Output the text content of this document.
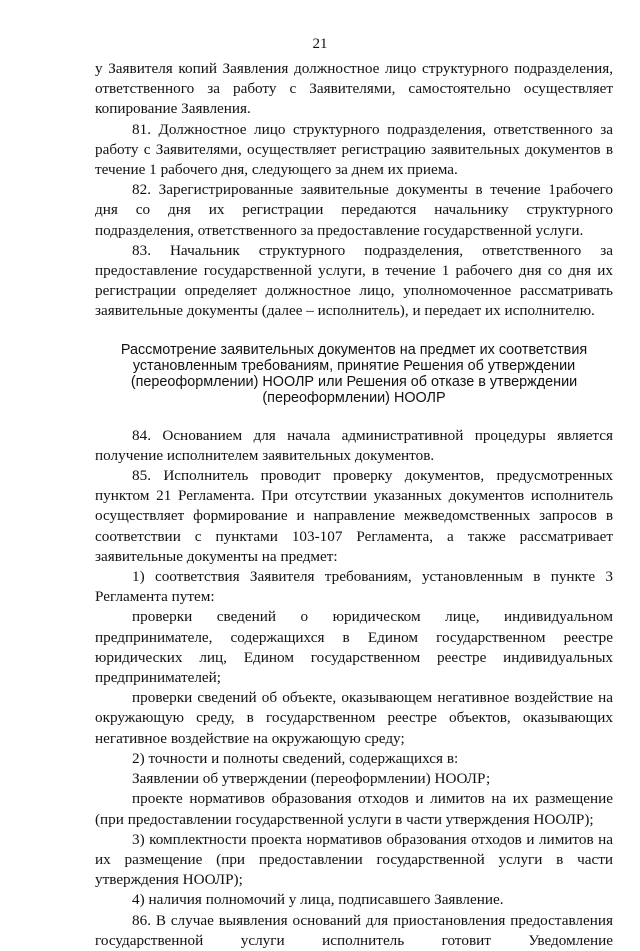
21

у Заявителя копий Заявления должностное лицо структурного подразделения, ответственного за работу с Заявителями, самостоятельно осуществляет копирование Заявления.

81. Должностное лицо структурного подразделения, ответственного за работу с Заявителями, осуществляет регистрацию заявительных документов в течение 1 рабочего дня, следующего за днем их приема.

82. Зарегистрированные заявительные документы в течение 1рабочего дня со дня их регистрации передаются начальнику структурного подразделения, ответственного за предоставление государственной услуги.

83. Начальник структурного подразделения, ответственного за предоставление государственной услуги, в течение 1 рабочего дня со дня их регистрации определяет должностное лицо, уполномоченное рассматривать заявительные документы (далее – исполнитель), и передает их исполнителю.

Рассмотрение заявительных документов на предмет их соответствия установленным требованиям, принятие Решения об утверждении (переоформлении) НООЛР или Решения об отказе в утверждении (переоформлении) НООЛР

84. Основанием для начала административной процедуры является получение исполнителем заявительных документов.

85. Исполнитель проводит проверку документов, предусмотренных пунктом 21 Регламента. При отсутствии указанных документов исполнитель осуществляет формирование и направление межведомственных запросов в соответствии с пунктами 103-107 Регламента, а также рассматривает заявительные документы на предмет:

1) соответствия Заявителя требованиям, установленным в пункте 3 Регламента путем:

проверки сведений о юридическом лице, индивидуальном предпринимателе, содержащихся в Едином государственном реестре юридических лиц, Едином государственном реестре индивидуальных предпринимателей;

проверки сведений об объекте, оказывающем негативное воздействие на окружающую среду, в государственном реестре объектов, оказывающих негативное воздействие на окружающую среду;

2) точности и полноты сведений, содержащихся в:

Заявлении об утверждении (переоформлении) НООЛР;

проекте нормативов образования отходов и лимитов на их размещение (при предоставлении государственной услуги в части утверждения НООЛР);

3) комплектности проекта нормативов образования отходов и лимитов на их размещение (при предоставлении государственной услуги в части утверждения НООЛР);

4) наличия полномочий у лица, подписавшего Заявление.

86. В случае выявления оснований для приостановления предоставления государственной услуги исполнитель готовит Уведомление
